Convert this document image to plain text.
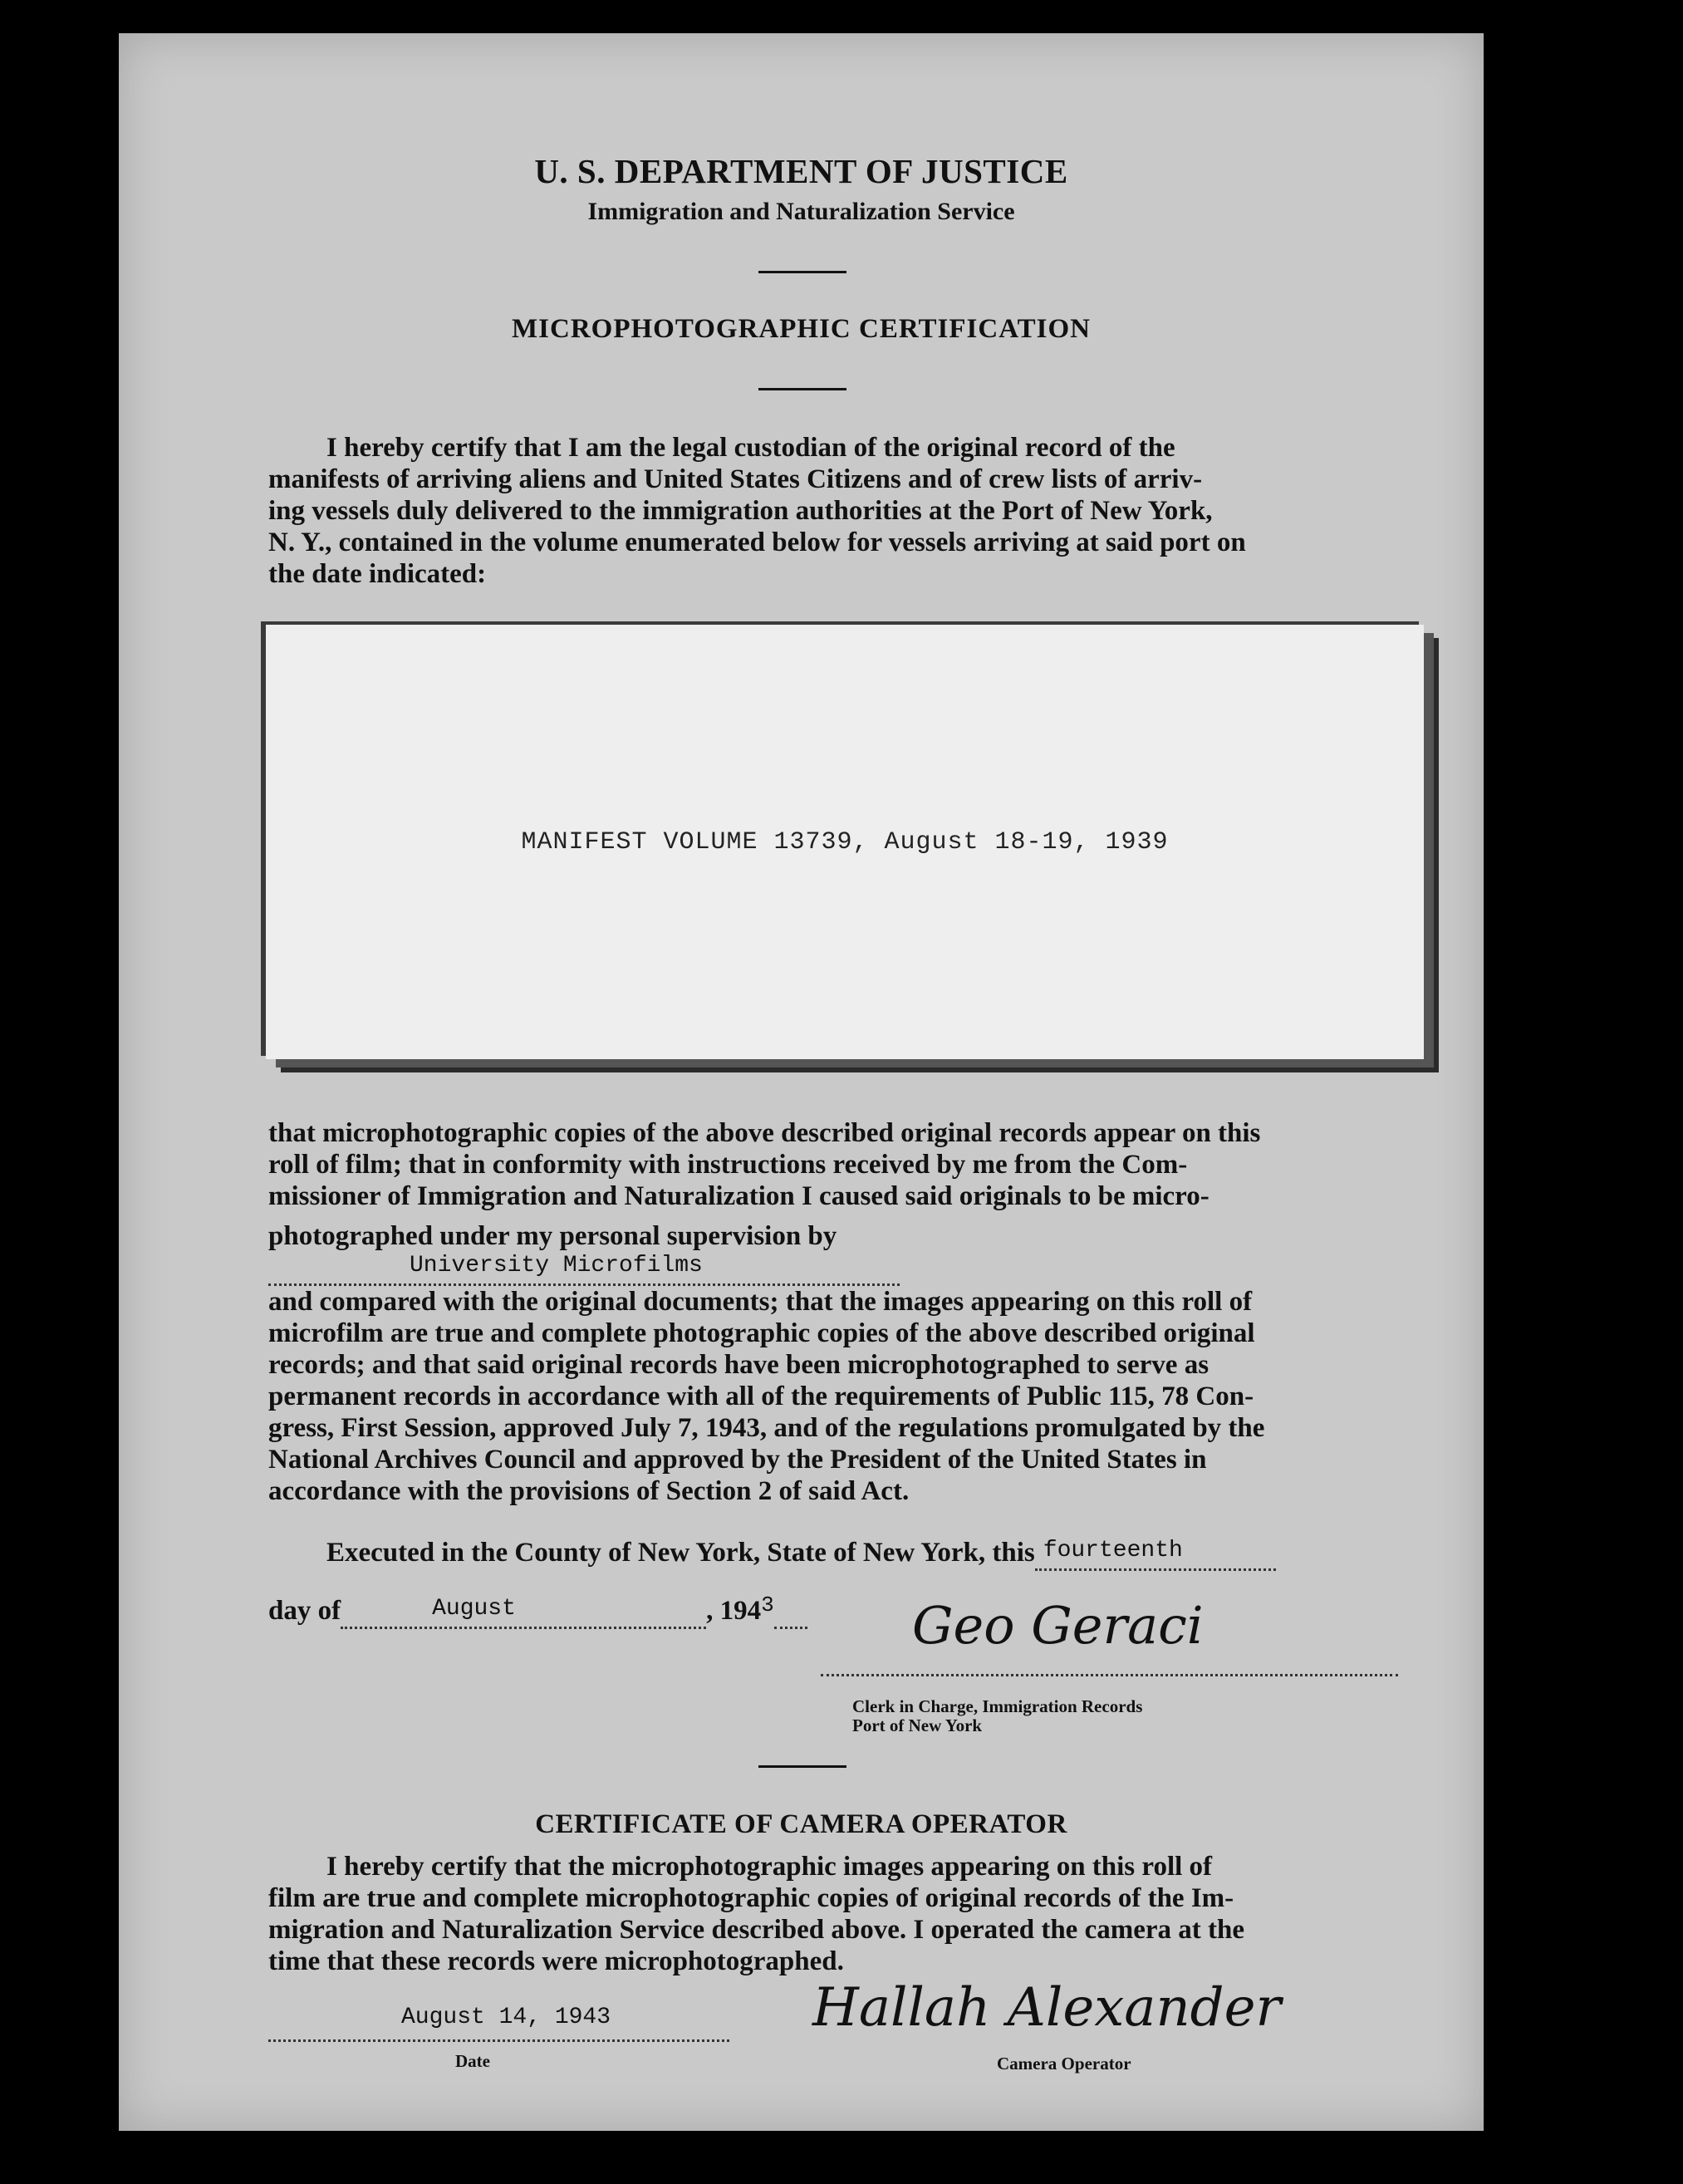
U. S. DEPARTMENT OF JUSTICE
Immigration and Naturalization Service
MICROPHOTOGRAPHIC CERTIFICATION

I hereby certify that I am the legal custodian of the original record of the

manifests of arriving aliens and United States Citizens and of crew lists of arriv-

ing vessels duly delivered to the immigration authorities at the Port of New York,

N. Y., contained in the volume enumerated below for vessels arriving at said port on

the date indicated:

MANIFEST VOLUME 13739, August 18-19, 1939

that microphotographic copies of the above described original records appear on this

roll of film; that in conformity with instructions received by me from the Com-

missioner of Immigration and Naturalization I caused said originals to be micro-

photographed under my personal supervision by
University Microfilms

and compared with the original documents; that the images appearing on this roll of

microfilm are true and complete photographic copies of the above described original

records; and that said original records have been microphotographed to serve as

permanent records in accordance with all of the requirements of Public 115, 78 Con-

gress, First Session, approved July 7, 1943, and of the regulations promulgated by the

National Archives Council and approved by the President of the United States in

accordance with the provisions of Section 2 of said Act.

Executed in the County of New York, State of New York, this fourteenth

day of	August	, $194^3$	Geo Geraci
Clerk in Charge, Immigration Records
Port of New York
CERTIFICATE OF CAMERA OPERATOR

I hereby certify that the microphotographic images appearing on this roll of

film are true and complete microphotographic copies of original records of the Im-

migration and Naturalization Service described above. I operated the camera at the

time that these records were microphotographed.

August 14, 1943
Date
Hallah Alexander
Camera Operator
